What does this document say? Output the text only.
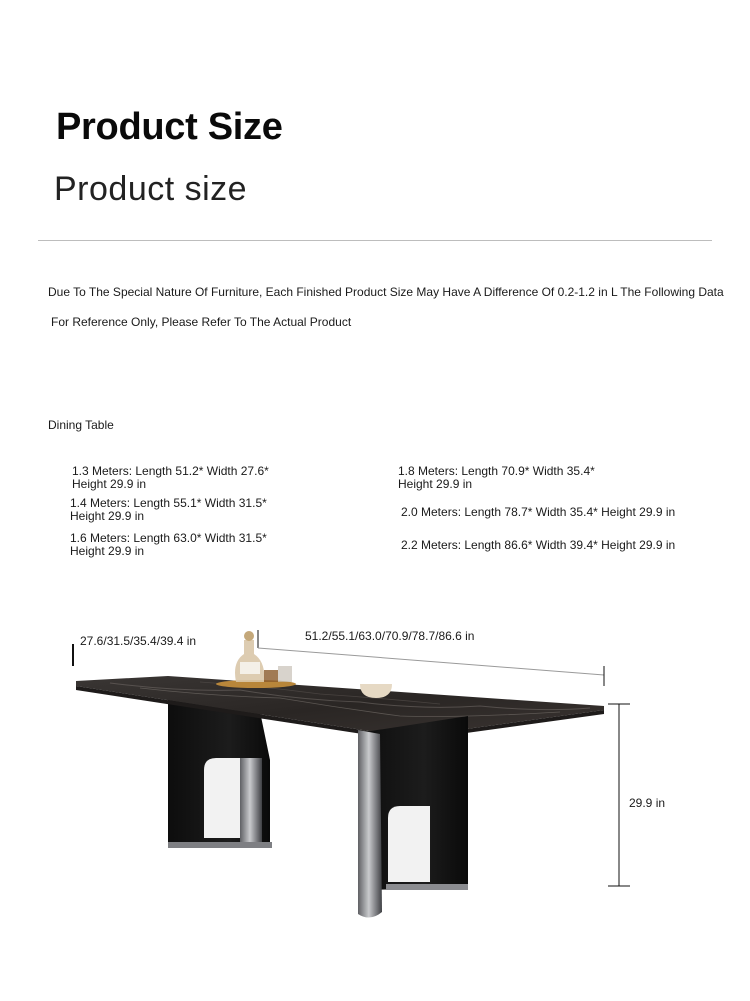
Product Size
Product size
Due To The Special Nature Of Furniture, Each Finished Product Size May Have A Difference Of 0.2-1.2 in L The Following Data
For Reference Only, Please Refer To The Actual Product
Dining Table
1.3 Meters: Length 51.2* Width 27.6*
Height 29.9 in
1.4 Meters: Length 55.1* Width 31.5*
Height 29.9 in
1.6 Meters: Length 63.0* Width 31.5*
Height 29.9 in
1.8 Meters: Length 70.9* Width 35.4*
Height 29.9 in
2.0 Meters: Length 78.7* Width 35.4* Height 29.9 in
2.2 Meters: Length 86.6* Width 39.4* Height 29.9 in
27.6/31.5/35.4/39.4 in	51.2/55.1/63.0/70.9/78.7/86.6 in
29.9 in
